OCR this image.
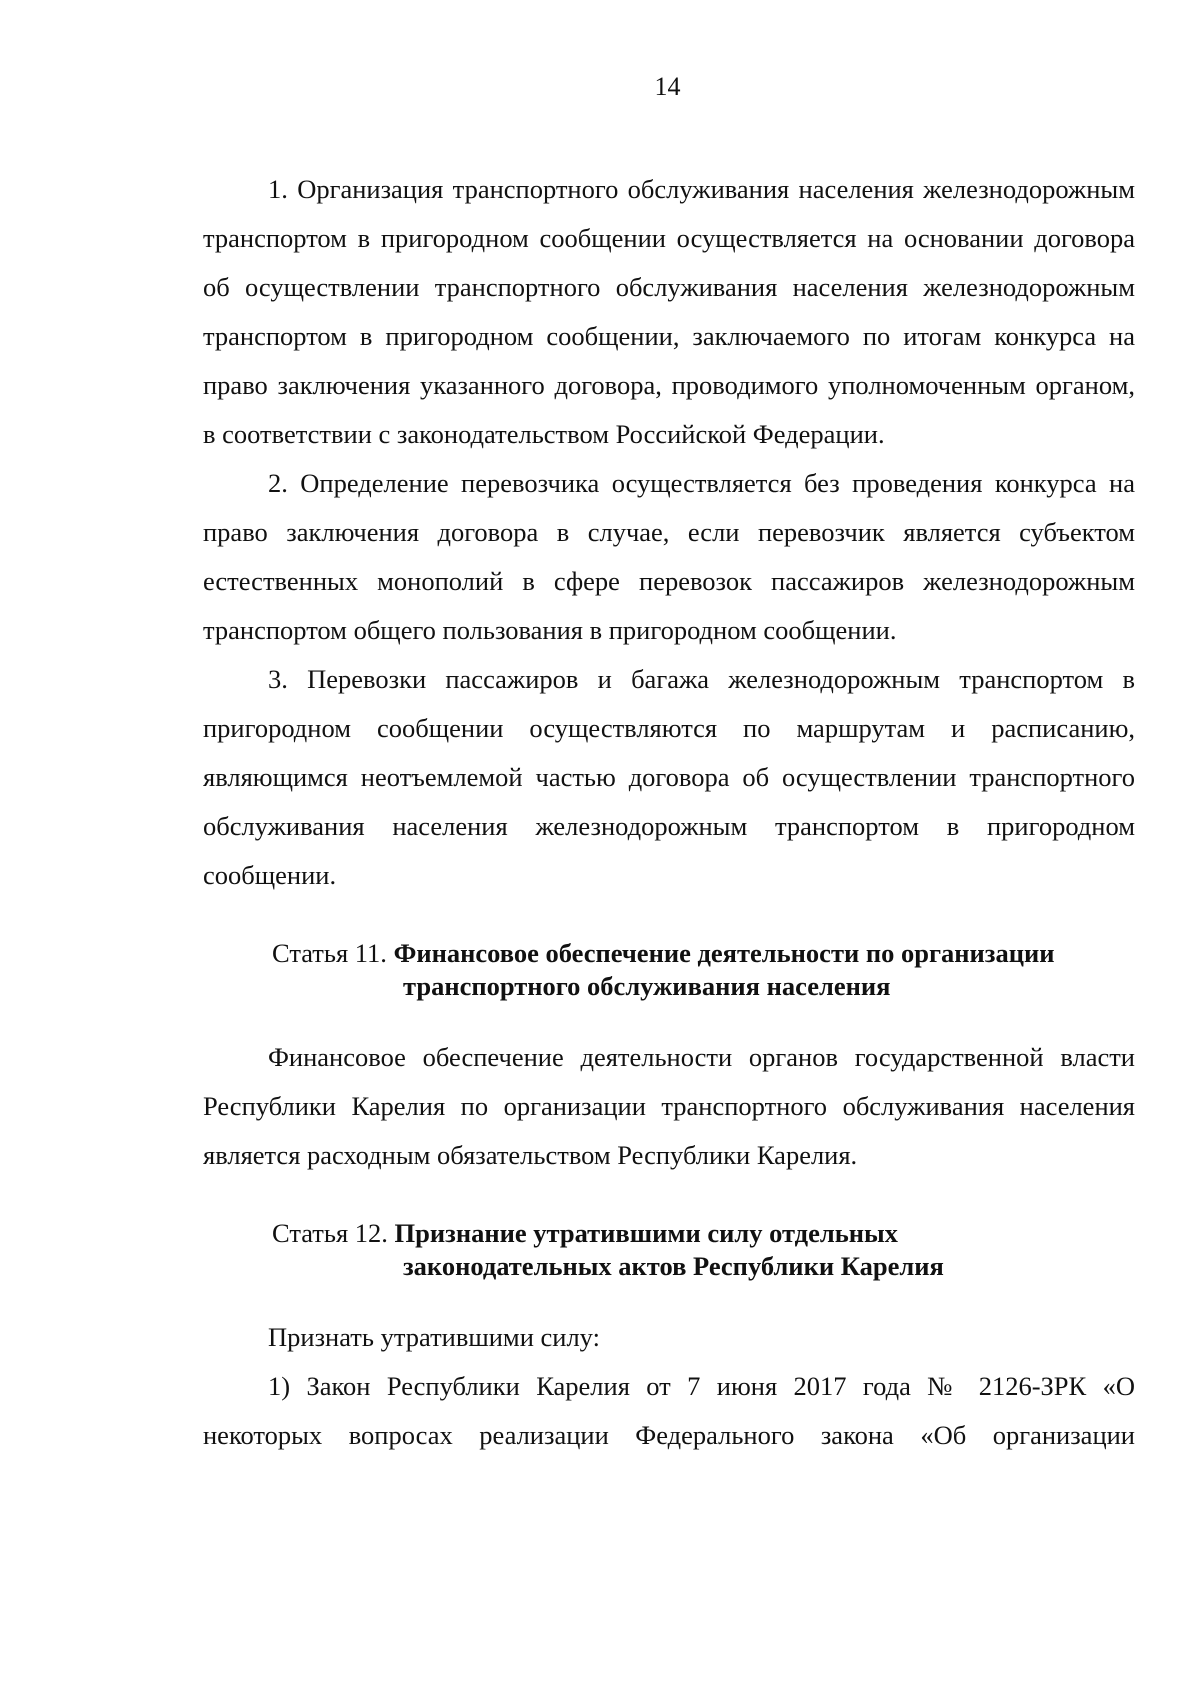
14

1. Организация транспортного обслуживания населения железнодорожным транспортом в пригородном сообщении осуществляется на основании договора об осуществлении транспортного обслуживания населения железнодорожным транспортом в пригородном сообщении, заключаемого по итогам конкурса на право заключения указанного договора, проводимого уполномоченным органом, в соответствии с законодательством Российской Федерации.

2. Определение перевозчика осуществляется без проведения конкурса на право заключения договора в случае, если перевозчик является субъектом естественных монополий в сфере перевозок пассажиров железнодорожным транспортом общего пользования в пригородном сообщении.

3. Перевозки пассажиров и багажа железнодорожным транспортом в пригородном сообщении осуществляются по маршрутам и расписанию, являющимся неотъемлемой частью договора об осуществлении транспортного обслуживания населения железнодорожным транспортом в пригородном сообщении.

Статья 11. Финансовое обеспечение деятельности по организации
транспортного обслуживания населения

Финансовое обеспечение деятельности органов государственной власти Республики Карелия по организации транспортного обслуживания населения является расходным обязательством Республики Карелия.

Статья 12. Признание утратившими силу отдельных
законодательных актов Республики Карелия

Признать утратившими силу:

1) Закон Республики Карелия от 7 июня 2017 года № 2126-ЗРК «О некоторых вопросах реализации Федерального закона «Об организации
